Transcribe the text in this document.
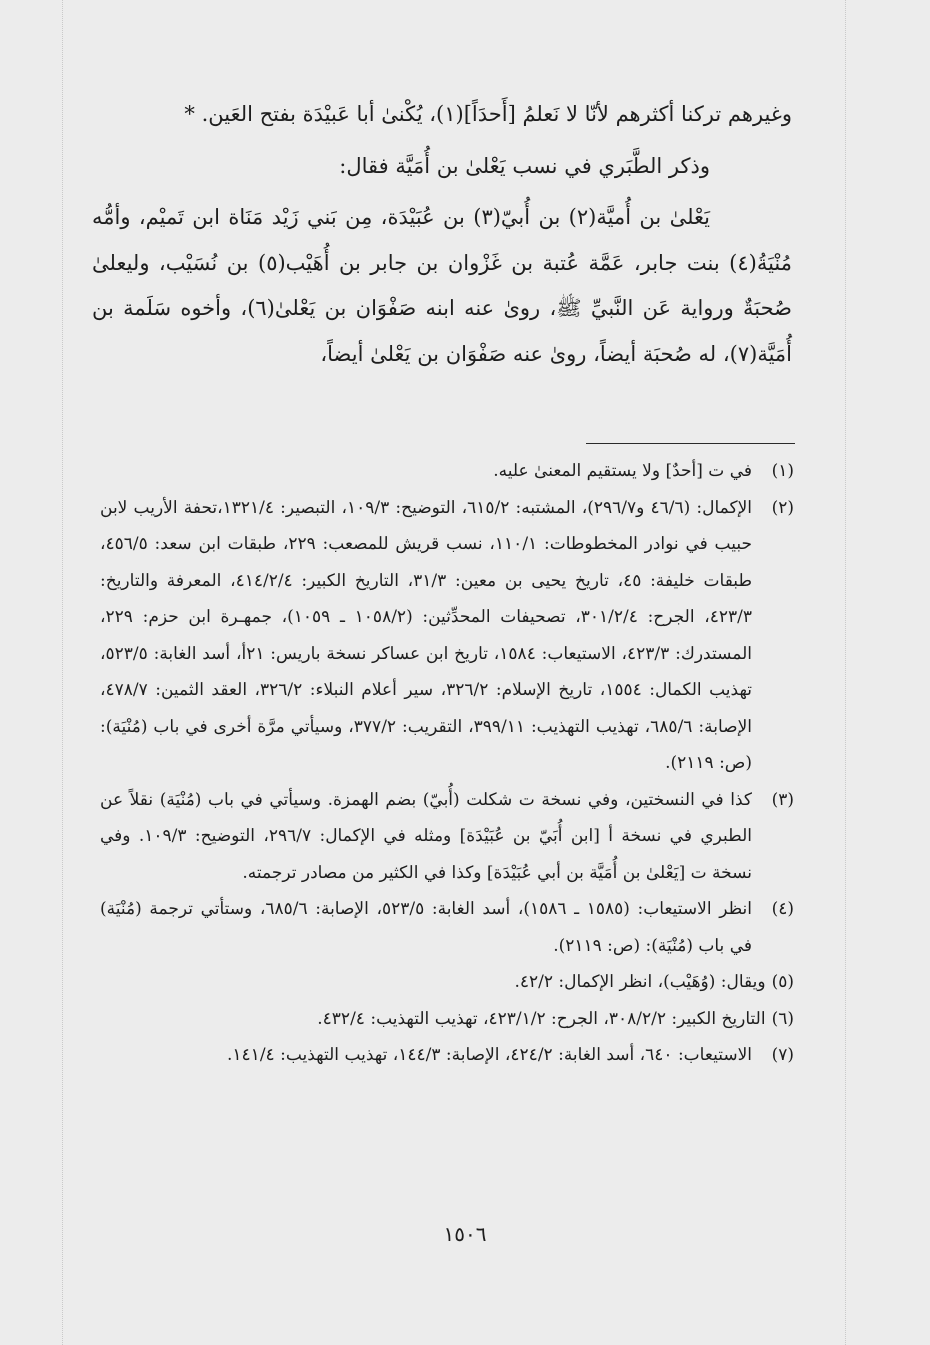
وغيرهم تركنا أكثرهم لأنّا لا نَعلمُ [أَحدَاً](١)، يُكْنىٰ أبا عَبيْدَة بفتح العَين. *

وذكر الطَّبَري في نسب يَعْلىٰ بن أُمَيَّة فقال:

يَعْلىٰ بن أُميَّة(٢) بن أُبيّ(٣) بن عُبَيْدَة، مِن بَني زَيْد مَنَاة ابن تَميْم، وأمُّه مُنْيَةُ(٤) بنت جابر، عَمَّة عُتبة بن غَزْوان بن جابر بن أُهَيْب(٥) بن نُسَيْب، وليعلىٰ صُحبَةٌ ورواية عَن النَّبيِّ ﷺ، روىٰ عنه ابنه صَفْوَان بن يَعْلىٰ(٦)، وأخوه سَلَمة بن أُمَيَّة(٧)، له صُحبَة أيضاً، روىٰ عنه صَفْوَان بن يَعْلىٰ أيضاً،

(١)في ت [أحدٌ] ولا يستقيم المعنىٰ عليه.

(٢)الإكمال: (٤٦/٦ و٢٩٦/٧)، المشتبه: ٦١٥/٢، التوضيح: ١٠٩/٣، التبصير: ١٣٢١/٤،تحفة الأريب لابن حبيب في نوادر المخطوطات: ١١٠/١، نسب قريش للمصعب: ٢٢٩، طبقات ابن سعد: ٤٥٦/٥، طبقات خليفة: ٤٥، تاريخ يحيى بن معين: ٣١/٣، التاريخ الكبير: ٤١٤/٢/٤، المعرفة والتاريخ: ٤٢٣/٣، الجرح: ٣٠١/٢/٤، تصحيفات المحدِّثين: (١٠٥٨/٢ ـ ١٠٥٩)، جمهـرة ابن حزم: ٢٢٩، المستدرك: ٤٢٣/٣، الاستيعاب: ١٥٨٤، تاريخ ابن عساكر نسخة باريس: ٢١أ، أسد الغابة: ٥٢٣/٥، تهذيب الكمال: ١٥٥٤، تاريخ الإسلام: ٣٢٦/٢، سير أعلام النبلاء: ٣٢٦/٢، العقد الثمين: ٤٧٨/٧، الإصابة: ٦٨٥/٦، تهذيب التهذيب: ٣٩٩/١١، التقريب: ٣٧٧/٢، وسيأتي مرَّة أخرى في باب (مُنْيَة):(ص: ٢١١٩).

(٣)كذا في النسختين، وفي نسخة ت شكلت (أُبيّ) بضم الهمزة. وسيأتي في باب (مُنْيَة) نقلاً عن الطبري في نسخة أ [ابن أُبَيّ بن عُبَيْدَة] ومثله في الإكمال: ٢٩٦/٧، التوضيح: ١٠٩/٣. وفي نسخة ت [يَعْلىٰ بن أُمَيَّة بن أبي عُبَيْدَة] وكذا في الكثير من مصادر ترجمته.

(٤)انظر الاستيعاب: (١٥٨٥ ـ ١٥٨٦)، أسد الغابة: ٥٢٣/٥، الإصابة: ٦٨٥/٦، وستأتي ترجمة (مُنْيَة) في باب (مُنْيَة): (ص: ٢١١٩).

(٥)ويقال: (وُهَيْب)، انظر الإكمال: ٤٢/٢.

(٦)التاريخ الكبير: ٣٠٨/٢/٢، الجرح: ٤٢٣/١/٢، تهذيب التهذيب: ٤٣٢/٤.

(٧)الاستيعاب: ٦٤٠، أسد الغابة: ٤٢٤/٢، الإصابة: ١٤٤/٣، تهذيب التهذيب: ١٤١/٤.

١٥٠٦
